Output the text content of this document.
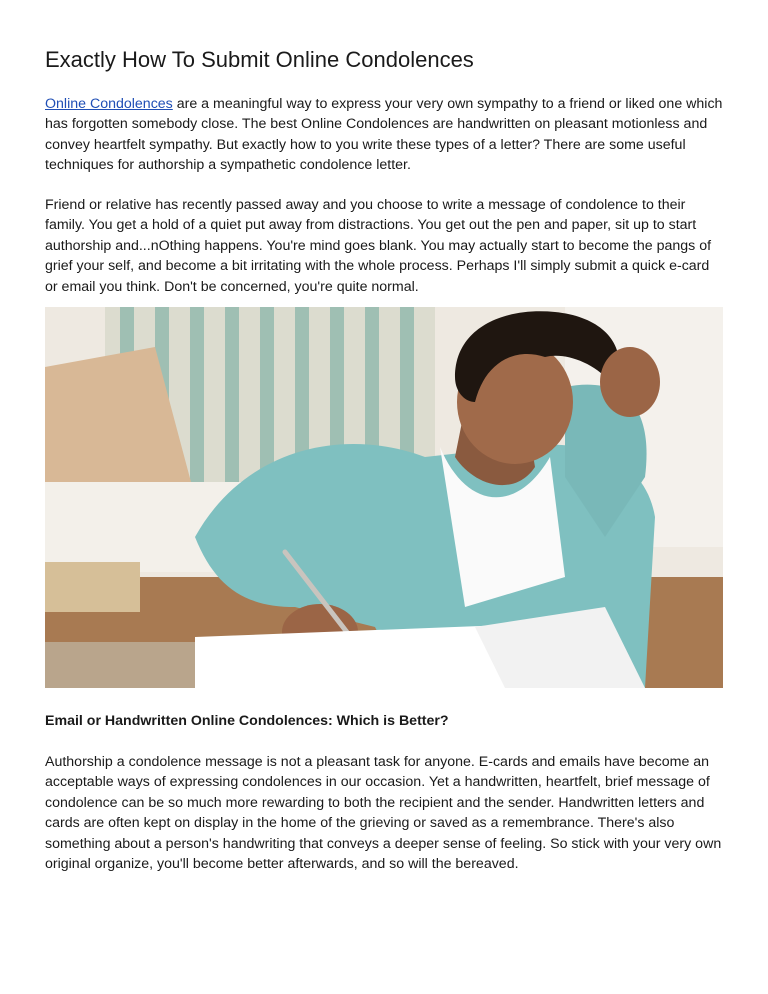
Exactly How To Submit Online Condolences

Online Condolences are a meaningful way to express your very own sympathy to a friend or liked one which has forgotten somebody close. The best Online Condolences are handwritten on pleasant motionless and convey heartfelt sympathy. But exactly how to you write these types of a letter? There are some useful techniques for authorship a sympathetic condolence letter.

Friend or relative has recently passed away and you choose to write a message of condolence to their family. You get a hold of a quiet put away from distractions. You get out the pen and paper, sit up to start authorship and...nOthing happens. You're mind goes blank. You may actually start to become the pangs of grief your self, and become a bit irritating with the whole process. Perhaps I'll simply submit a quick e-card or email you think. Don't be concerned, you're quite normal.

Email or Handwritten Online Condolences: Which is Better?

Authorship a condolence message is not a pleasant task for anyone. E-cards and emails have become an acceptable ways of expressing condolences in our occasion. Yet a handwritten, heartfelt, brief message of condolence can be so much more rewarding to both the recipient and the sender. Handwritten letters and cards are often kept on display in the home of the grieving or saved as a remembrance. There's also something about a person's handwriting that conveys a deeper sense of feeling. So stick with your very own original organize, you'll become better afterwards, and so will the bereaved.
